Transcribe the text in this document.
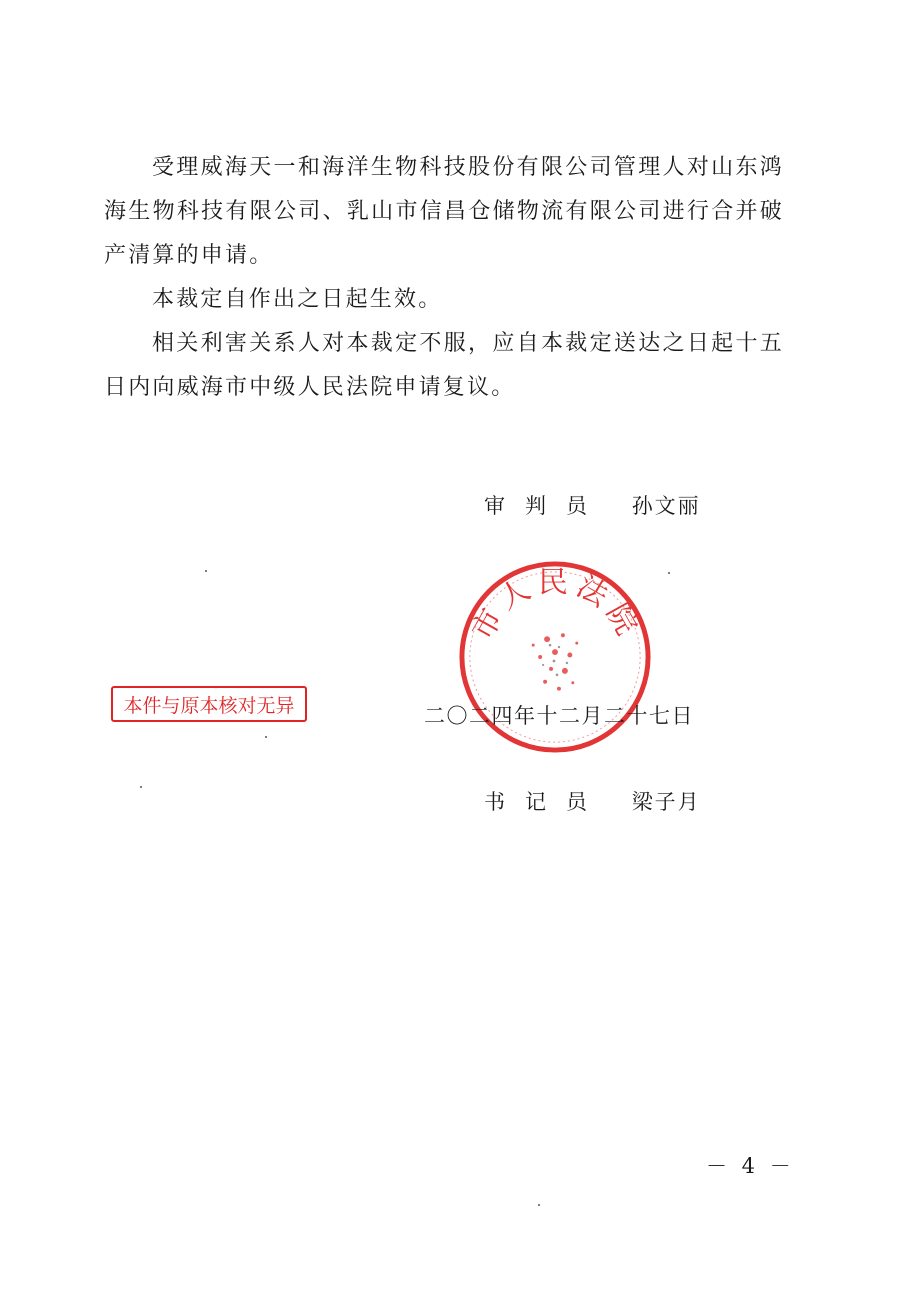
受理威海天一和海洋生物科技股份有限公司管理人对山东鸿海生物科技有限公司、乳山市信昌仓储物流有限公司进行合并破产清算的申请。

本裁定自作出之日起生效。

相关利害关系人对本裁定不服，应自本裁定送达之日起十五日内向威海市中级人民法院申请复议。

审判员 孙文丽
市人民法院
二〇二四年十二月二十七日
本件与原本核对无异
书记员 梁子月
－ 4 －
